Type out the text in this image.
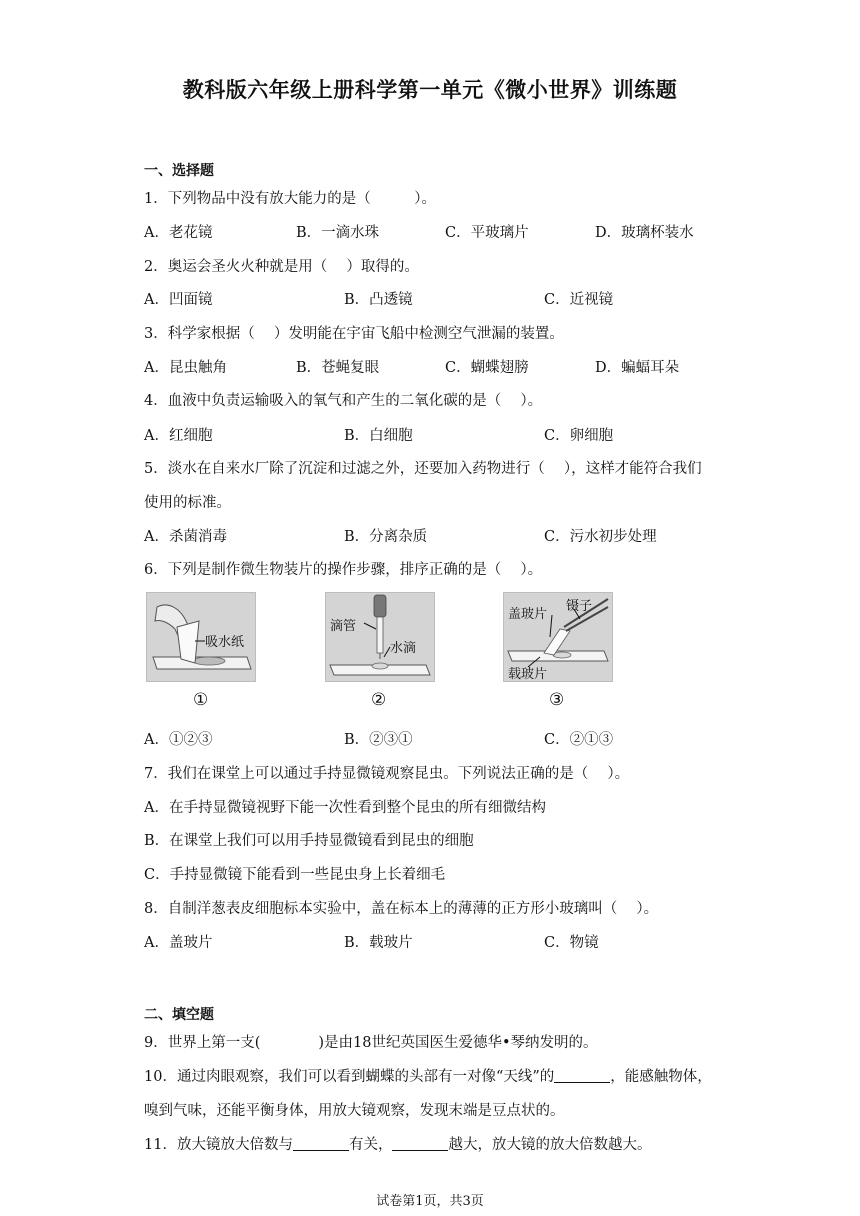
教科版六年级上册科学第一单元《微小世界》训练题
一、选择题
1．下列物品中没有放大能力的是（　　　）。
A．老花镜	B．一滴水珠	C．平玻璃片	D．玻璃杯装水
2．奥运会圣火火种就是用（　 ）取得的。
A．凹面镜	B．凸透镜	C．近视镜
3．科学家根据（　 ）发明能在宇宙飞船中检测空气泄漏的装置。
A．昆虫触角	B．苍蝇复眼	C．蝴蝶翅膀	D．蝙蝠耳朵
4．血液中负责运输吸入的氧气和产生的二氧化碳的是（　 ）。
A．红细胞	B．白细胞	C．卵细胞
5．淡水在自来水厂除了沉淀和过滤之外，还要加入药物进行（　 ），这样才能符合我们
使用的标准。
A．杀菌消毒	B．分离杂质	C．污水初步处理
6．下列是制作微生物装片的操作步骤，排序正确的是（　 ）。
吸水纸
①
滴管
水滴
②
盖玻片
镊子
载玻片
③
A．①②③	B．②③①	C．②①③
7．我们在课堂上可以通过手持显微镜观察昆虫。下列说法正确的是（　 ）。
A．在手持显微镜视野下能一次性看到整个昆虫的所有细微结构
B．在课堂上我们可以用手持显微镜看到昆虫的细胞
C．手持显微镜下能看到一些昆虫身上长着细毛
8．自制洋葱表皮细胞标本实验中，盖在标本上的薄薄的正方形小玻璃叫（　 ）。
A．盖玻片	B．载玻片	C．物镜
二、填空题
9．世界上第一支(　　　　)是由18世纪英国医生爱德华•琴纳发明的。
10．通过肉眼观察，我们可以看到蝴蝶的头部有一对像“天线”的	，能感触物体，
嗅到气味，还能平衡身体，用放大镜观察，发现末端是豆点状的。
11．放大镜放大倍数与	有关，	越大，放大镜的放大倍数越大。
试卷第1页，共3页
